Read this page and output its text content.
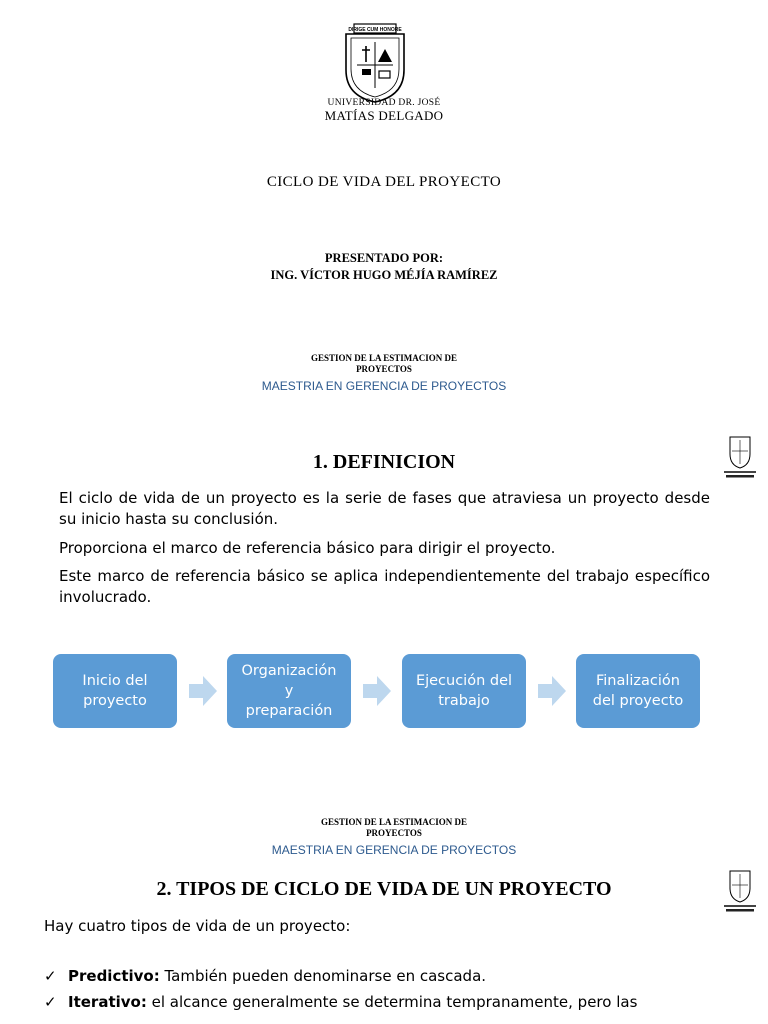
DIRIGE CUM HONORE
UNIVERSIDAD DR. JOSÉ
MATÍAS DELGADO
CICLO DE VIDA DEL PROYECTO
PRESENTADO POR:
ING. VÍCTOR HUGO MÉJÍA RAMÍREZ
GESTION DE LA ESTIMACION DE
PROYECTOS
MAESTRIA EN GERENCIA DE PROYECTOS
1. DEFINICION
El ciclo de vida de un proyecto es la serie de fases que atraviesa un proyecto desde su inicio hasta su conclusión.
Proporciona el marco de referencia básico para dirigir el proyecto.
Este marco de referencia básico se aplica independientemente del trabajo específico involucrado.
Inicio del
proyecto
Organización
y
preparación
Ejecución del
trabajo
Finalización
del proyecto
GESTION DE LA ESTIMACION DE
PROYECTOS
MAESTRIA EN GERENCIA DE PROYECTOS
2. TIPOS DE CICLO DE VIDA DE UN PROYECTO
Hay cuatro tipos de vida de un proyecto:
✓ Predictivo: También pueden denominarse en cascada.
✓ Iterativo: el alcance generalmente se determina tempranamente, pero las
